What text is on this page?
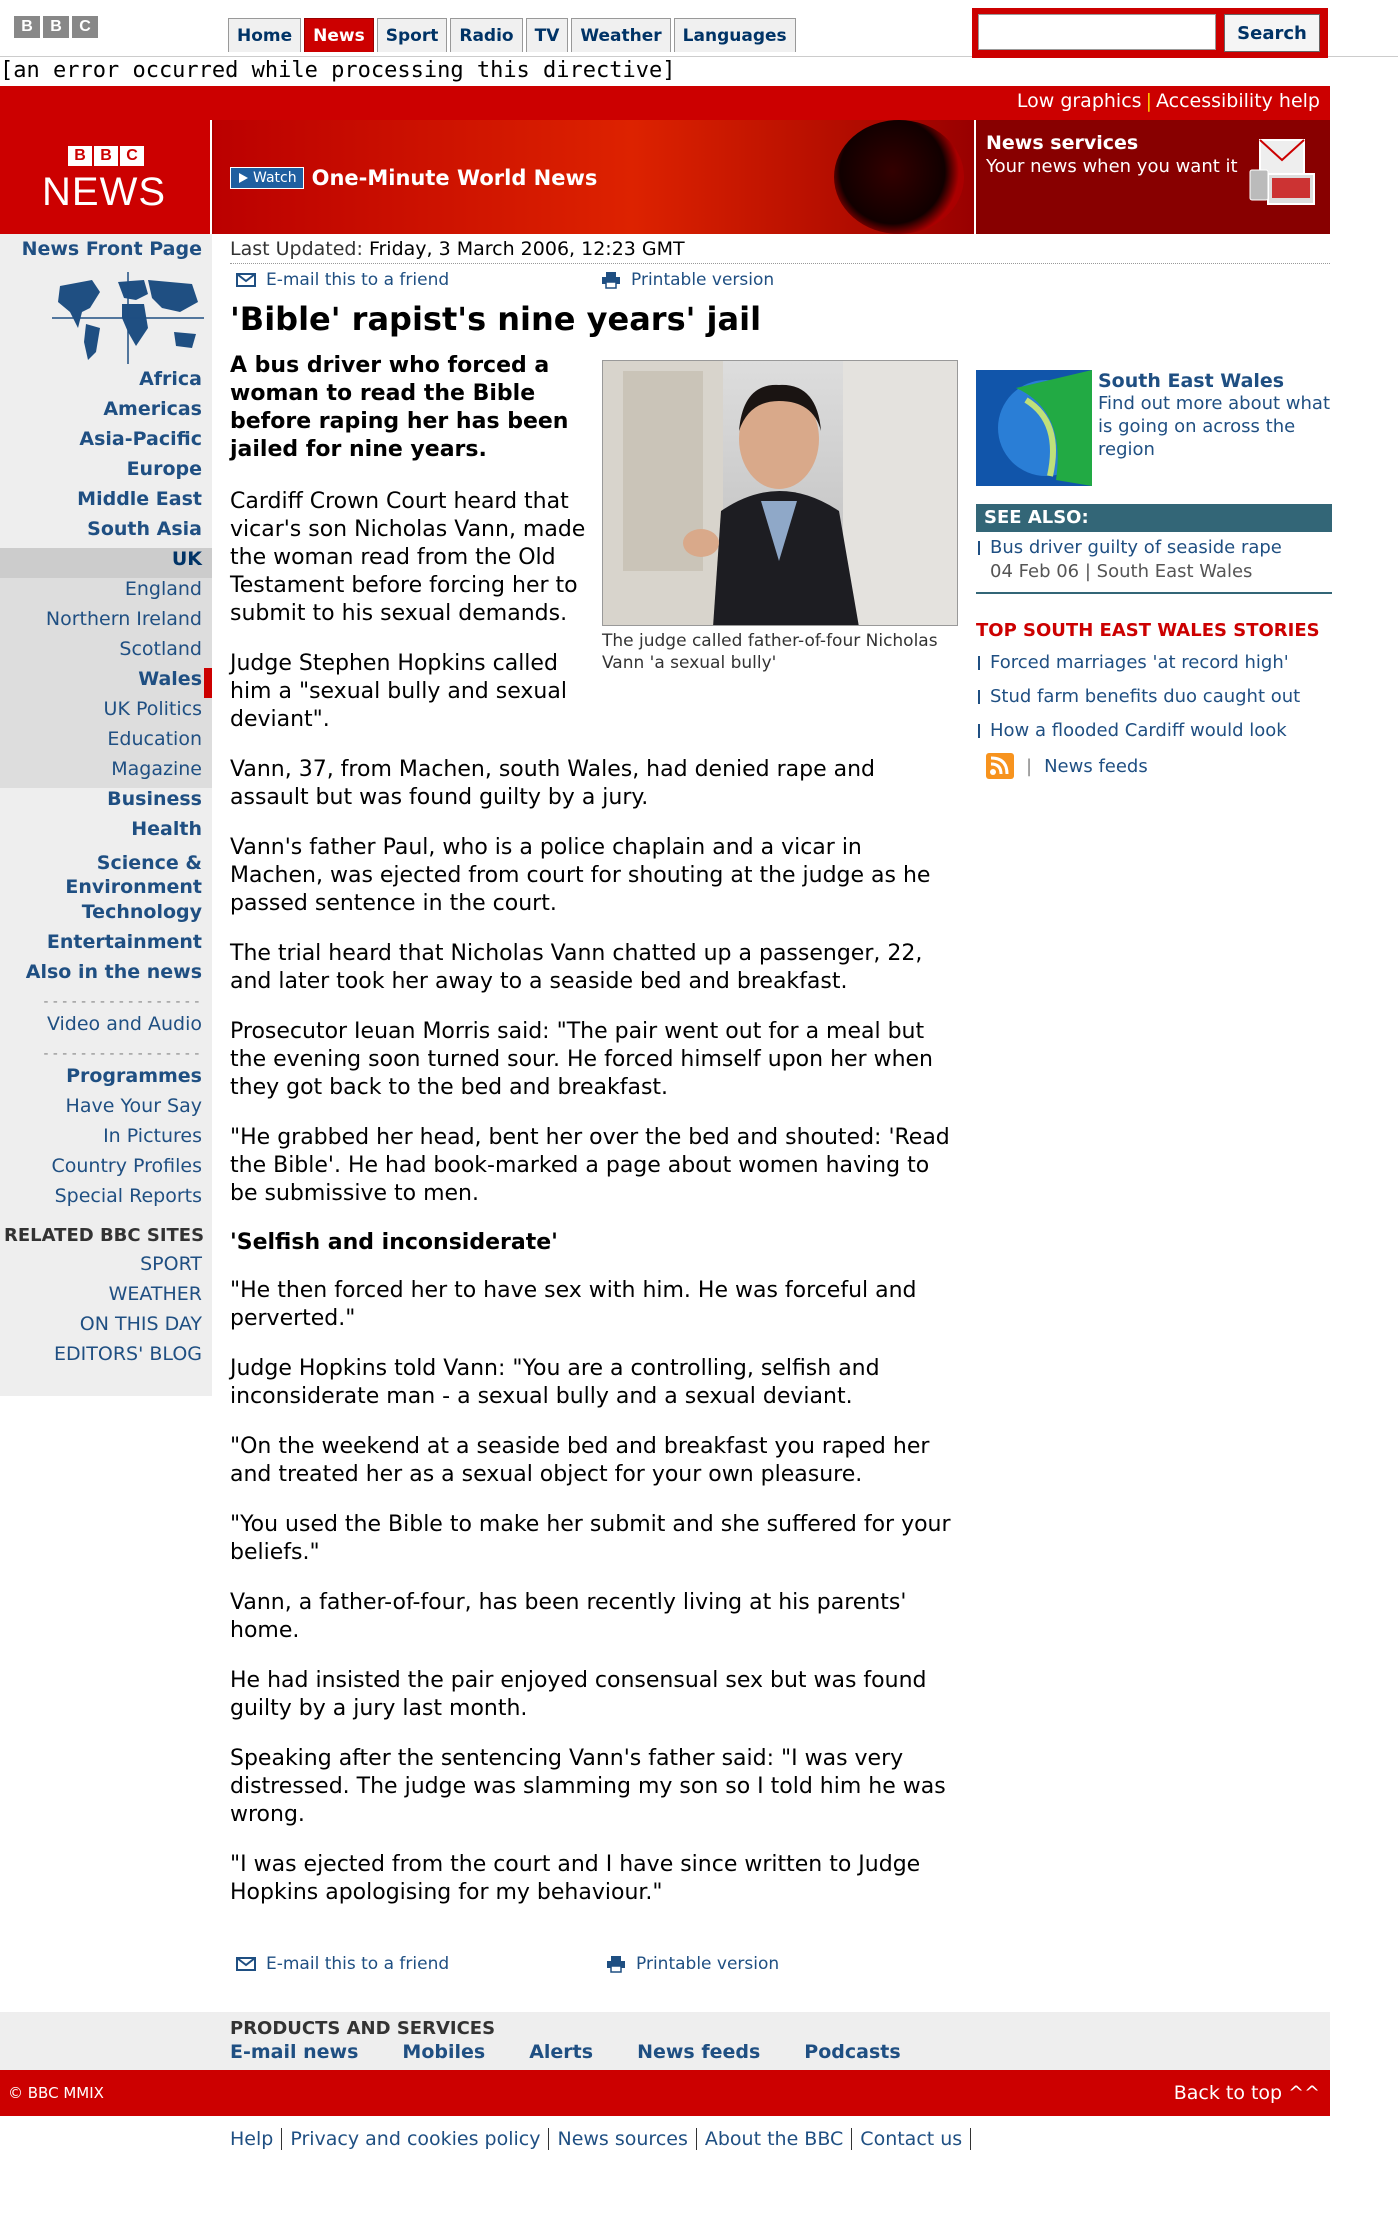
B	B	C	Home	News	Sport	Radio	TV	Weather	Languages	Search
[an error occurred while processing this directive]
Low graphics | Accessibility help
B B C
NEWS	Watch One-Minute World News
News services
Your news when you want it
News Front Page
Africa
Americas
Asia-Pacific
Europe
Middle East
South Asia
UK
England
Northern Ireland
Scotland
Wales
UK Politics
Education
Magazine
Business
Health
Science &
Environment
Technology
Entertainment
Also in the news
-----------------
Video and Audio
-----------------
Programmes
Have Your Say
In Pictures
Country Profiles
Special Reports
RELATED BBC SITES
SPORT
WEATHER
ON THIS DAY
EDITORS' BLOG
Last Updated: Friday, 3 March 2006, 12:23 GMT
E-mail this to a friend	Printable version
'Bible' rapist's nine years' jail
A bus driver who forced a woman to read the Bible before raping her has been jailed for nine years.
The judge called father-of-four Nicholas Vann 'a sexual bully'

Cardiff Crown Court heard that vicar's son Nicholas Vann, made the woman read from the Old Testament before forcing her to submit to his sexual demands.

Judge Stephen Hopkins called him a "sexual bully and sexual deviant".

Vann, 37, from Machen, south Wales, had denied rape and assault but was found guilty by a jury.

Vann's father Paul, who is a police chaplain and a vicar in Machen, was ejected from court for shouting at the judge as he passed sentence in the court.

The trial heard that Nicholas Vann chatted up a passenger, 22, and later took her away to a seaside bed and breakfast.

Prosecutor Ieuan Morris said: "The pair went out for a meal but the evening soon turned sour. He forced himself upon her when they got back to the bed and breakfast.

"He grabbed her head, bent her over the bed and shouted: 'Read the Bible'. He had book-marked a page about women having to be submissive to men.

'Selfish and inconsiderate'

"He then forced her to have sex with him. He was forceful and perverted."

Judge Hopkins told Vann: "You are a controlling, selfish and inconsiderate man - a sexual bully and a sexual deviant.

"On the weekend at a seaside bed and breakfast you raped her and treated her as a sexual object for your own pleasure.

"You used the Bible to make her submit and she suffered for your beliefs."

Vann, a father-of-four, has been recently living at his parents' home.

He had insisted the pair enjoyed consensual sex but was found guilty by a jury last month.

Speaking after the sentencing Vann's father said: "I was very distressed. The judge was slamming my son so I told him he was wrong.

"I was ejected from the court and I have since written to Judge Hopkins apologising for my behaviour."

South East Wales
Find out more about what is going on across the region
SEE ALSO:
Bus driver guilty of seaside rape
04 Feb 06 | South East Wales
TOP SOUTH EAST WALES STORIES
Forced marriages 'at record high'
Stud farm benefits duo caught out
How a flooded Cardiff would look
| News feeds
E-mail this to a friend	Printable version
PRODUCTS AND SERVICES
E-mail news Mobiles Alerts News feeds Podcasts
© BBC MMIX	Back to top ^^
Help Privacy and cookies policy News sources About the BBC Contact us
